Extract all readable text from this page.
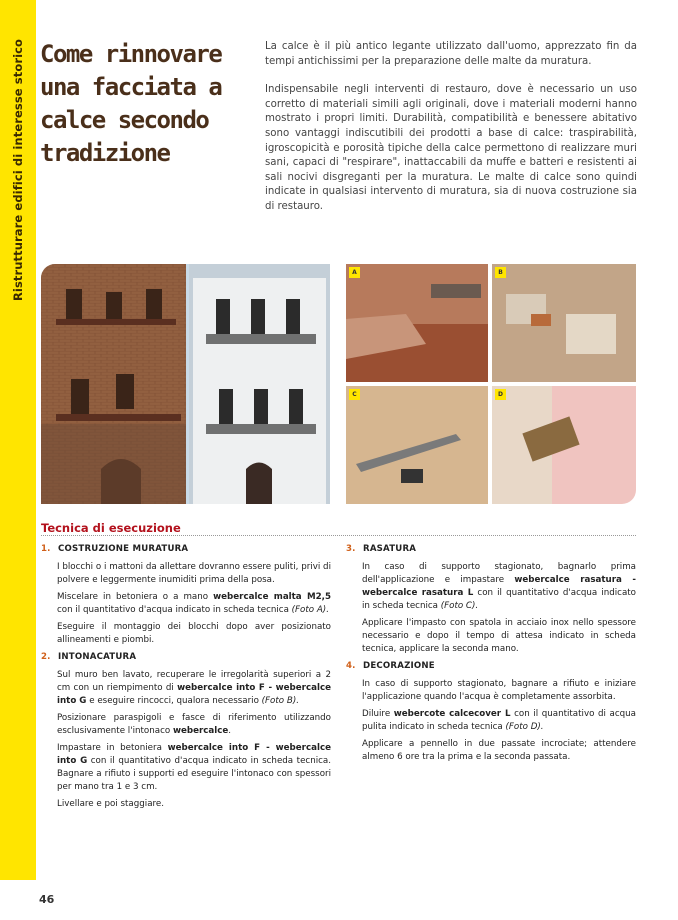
Ristrutturare edifici di interesse storico Come rinnovare una facciata a calce secondo tradizione

La calce è il più antico legante utilizzato dall'uomo, apprezzato fin da tempi antichissimi per la preparazione delle malte da muratura.

Indispensabile negli interventi di restauro, dove è necessario un uso corretto di materiali simili agli originali, dove i materiali moderni hanno mostrato i propri limiti. Durabilità, compatibilità e benessere abitativo sono vantaggi indiscutibili dei prodotti a base di calce: traspirabilità, igroscopicità e porosità tipiche della calce permettono di realizzare muri sani, capaci di "respirare", inattaccabili da muffe e batteri e resistenti ai sali nocivi disgreganti per la muratura. Le malte di calce sono quindi indicate in qualsiasi intervento di muratura, sia di nuova costruzione sia di restauro.

A	B
C	D
Tecnica di esecuzione
1. COSTRUZIONE MURATURA
I blocchi o i mattoni da allettare dovranno essere puliti, privi di polvere e leggermente inumiditi prima della posa.
Miscelare in betoniera o a mano webercalce malta M2,5 con il quantitativo d'acqua indicato in scheda tecnica (Foto A).
Eseguire il montaggio dei blocchi dopo aver posizionato allineamenti e piombi.
2. INTONACATURA
Sul muro ben lavato, recuperare le irregolarità superiori a 2 cm con un riempimento di webercalce into F - webercalce into G e eseguire rincocci, qualora necessario (Foto B).
Posizionare paraspigoli e fasce di riferimento utilizzando esclusivamente l'intonaco webercalce.
Impastare in betoniera webercalce into F - webercalce into G con il quantitativo d'acqua indicato in scheda tecnica. Bagnare a rifiuto i supporti ed eseguire l'intonaco con spessori per mano tra 1 e 3 cm.
Livellare e poi staggiare.
3. RASATURA
In caso di supporto stagionato, bagnarlo prima dell'applicazione e impastare webercalce rasatura - webercalce rasatura L con il quantitativo d'acqua indicato in scheda tecnica (Foto C).
Applicare l'impasto con spatola in acciaio inox nello spessore necessario e dopo il tempo di attesa indicato in scheda tecnica, applicare la seconda mano.
4. DECORAZIONE
In caso di supporto stagionato, bagnare a rifiuto e iniziare l'applicazione quando l'acqua è completamente assorbita.
Diluire webercote calcecover L con il quantitativo di acqua pulita indicato in scheda tecnica (Foto D).
Applicare a pennello in due passate incrociate; attendere almeno 6 ore tra la prima e la seconda passata.
46
